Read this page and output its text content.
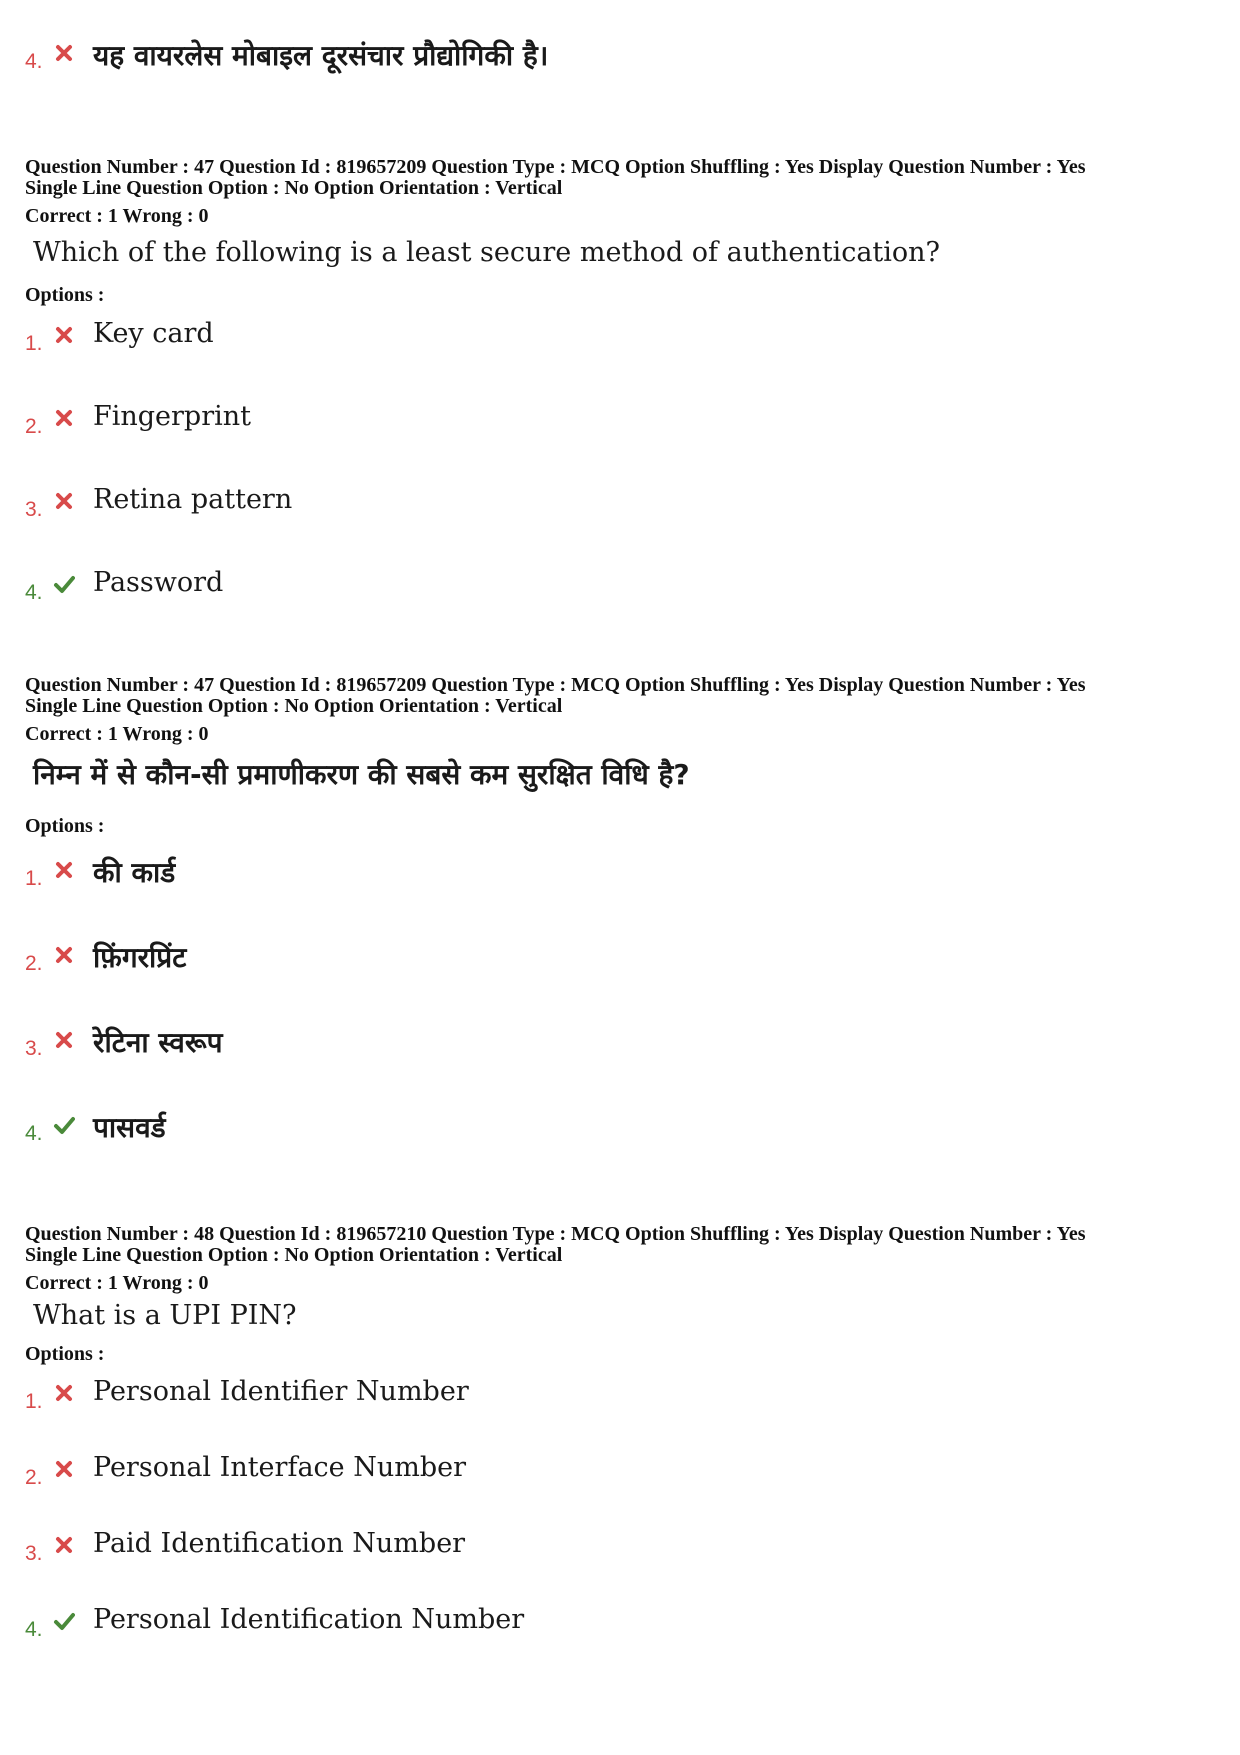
4. यह वायरलेस मोबाइल दूरसंचार प्रौद्योगिकी है।

Question Number : 47 Question Id : 819657209 Question Type : MCQ Option Shuffling : Yes Display Question Number : Yes

Single Line Question Option : No Option Orientation : Vertical

Correct : 1 Wrong : 0
Which of the following is a least secure method of authentication?
Options :
1. Key card
2. Fingerprint
3. Retina pattern
4. Password

Question Number : 47 Question Id : 819657209 Question Type : MCQ Option Shuffling : Yes Display Question Number : Yes

Single Line Question Option : No Option Orientation : Vertical

Correct : 1 Wrong : 0
निम्न में से कौन-सी प्रमाणीकरण की सबसे कम सुरक्षित विधि है?
Options :
1. की कार्ड
2. फ़िंगरप्रिंट
3. रेटिना स्वरूप
4. पासवर्ड

Question Number : 48 Question Id : 819657210 Question Type : MCQ Option Shuffling : Yes Display Question Number : Yes

Single Line Question Option : No Option Orientation : Vertical

Correct : 1 Wrong : 0
What is a UPI PIN?
Options :
1. Personal Identifier Number
2. Personal Interface Number
3. Paid Identification Number
4. Personal Identification Number
